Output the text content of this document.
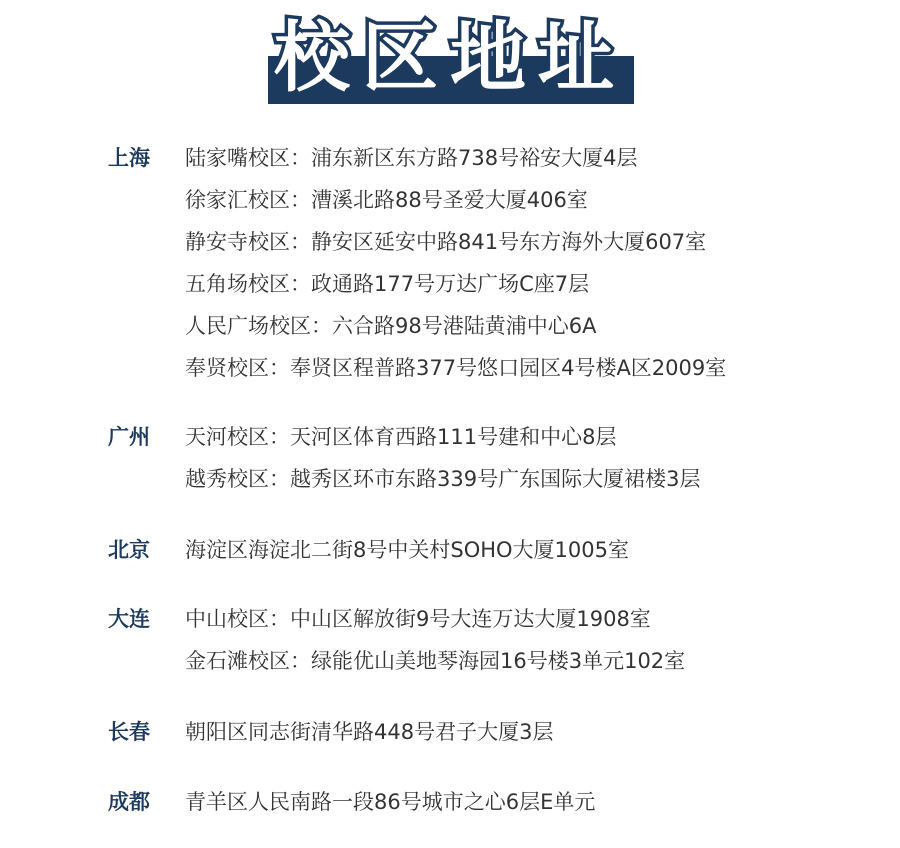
校区地址
上海 陆家嘴校区：浦东新区东方路738号裕安大厦4层
徐家汇校区：漕溪北路88号圣爱大厦406室
静安寺校区：静安区延安中路841号东方海外大厦607室
五角场校区：政通路177号万达广场C座7层
人民广场校区：六合路98号港陆黄浦中心6A
奉贤校区：奉贤区程普路377号悠口园区4号楼A区2009室
广州 天河校区：天河区体育西路111号建和中心8层
越秀校区：越秀区环市东路339号广东国际大厦裙楼3层
北京 海淀区海淀北二街8号中关村SOHO大厦1005室
大连 中山校区：中山区解放街9号大连万达大厦1908室
金石滩校区：绿能优山美地琴海园16号楼3单元102室
长春 朝阳区同志街清华路448号君子大厦3层
成都 青羊区人民南路一段86号城市之心6层E单元
